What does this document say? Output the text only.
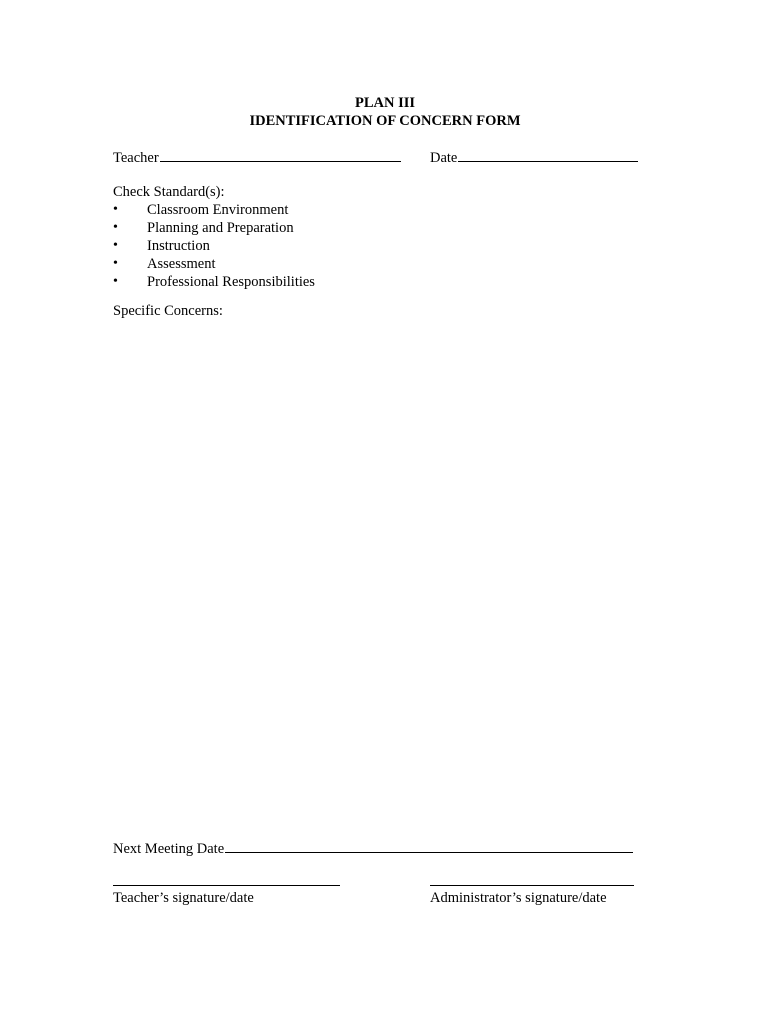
PLAN III
IDENTIFICATION OF CONCERN FORM
Teacher	Date
Check Standard(s):
•	Classroom Environment
•	Planning and Preparation
•	Instruction
•	Assessment
•	Professional Responsibilities
Specific Concerns:
Next Meeting Date
Teacher’s signature/date	Administrator’s signature/date
